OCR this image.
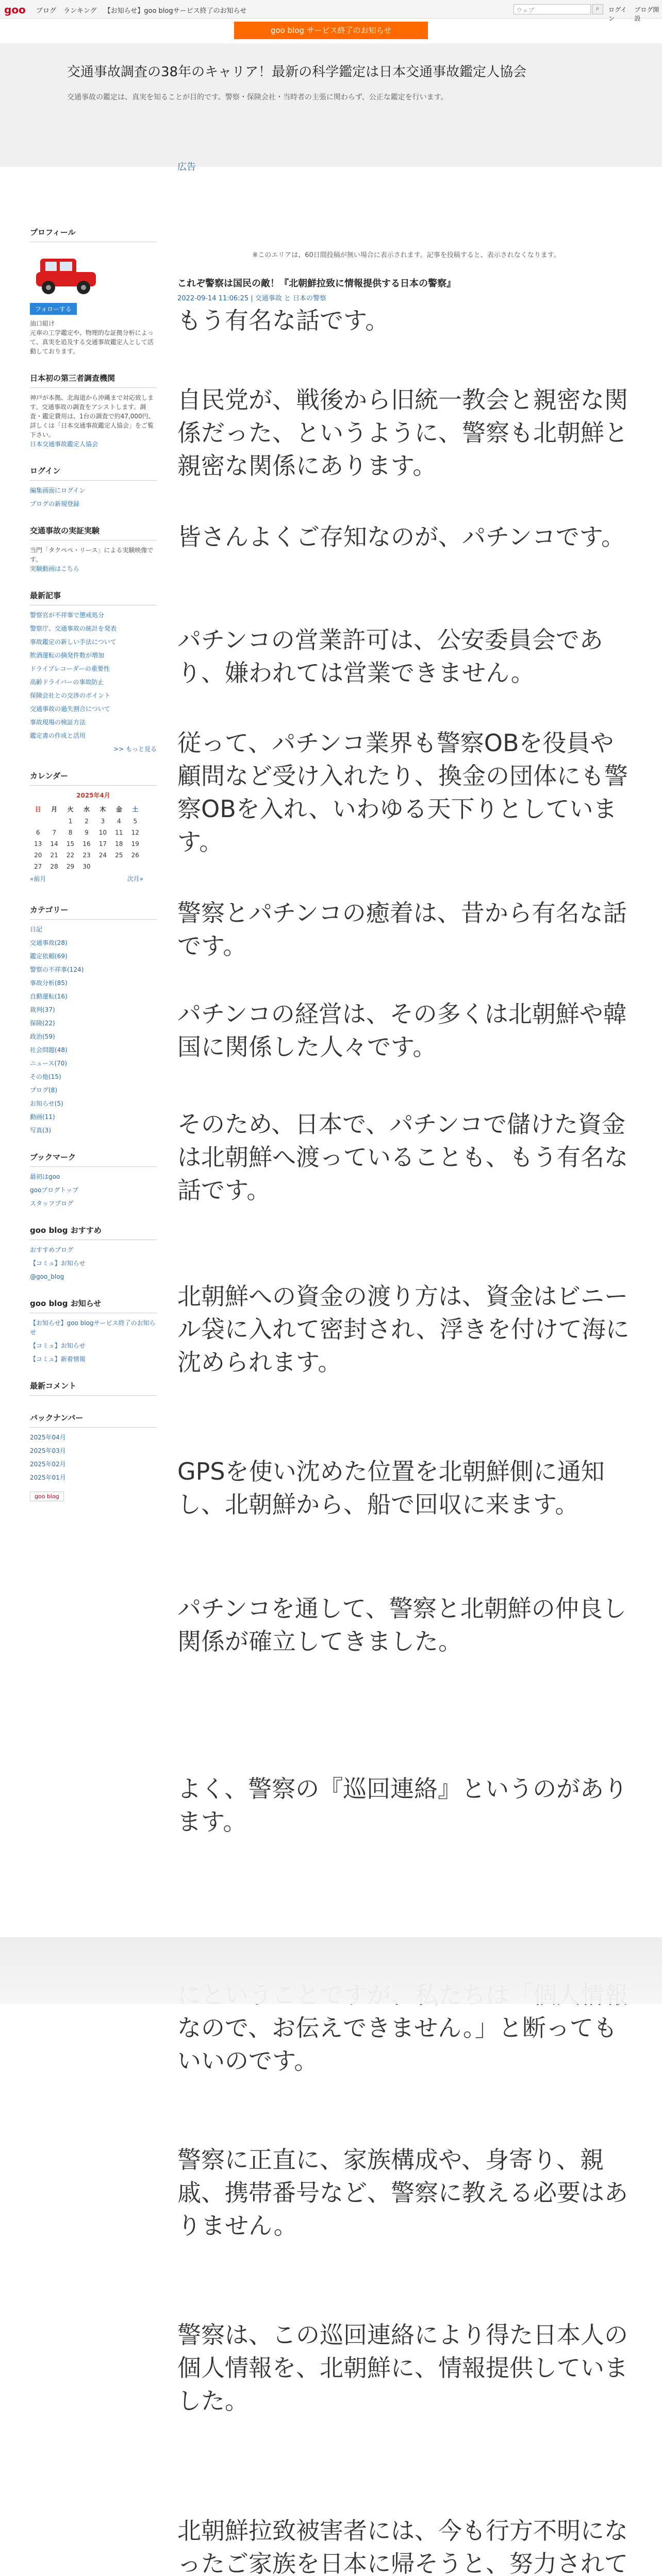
goo ブログ ランキング 【お知らせ】goo blogサービス終了のお知らせ	ウェブ	⌕	ログイン
ブログ開設
goo blog サービス終了のお知らせ
交通事故調査の38年のキャリア！最新の科学鑑定は日本交通事故鑑定人協会
交通事故の鑑定は、真実を知ることが目的です。警察・保険会社・当時者の主張に関わらず、公正な鑑定を行います。
プロフィール
フォローする
油口組け
元車の工学鑑定や、物理的な証拠分析によって、真実を追及する交通事故鑑定人として活動しております。
日本初の第三者調査機関
神戸が本拠、北海道から沖縄まで対応致します。交通事故の調査をアシストします。調査・鑑定費用は、1台の調査で約47,000円、詳しくは「日本交通事故鑑定人協会」をご覧下さい。
日本交通事故鑑定人協会
ログイン
編集画面にログイン
ブログの新規登録
交通事故の実証実験
当門「タクペペ・リース」による実験映像です。
実験動画はこちら
最新記事
警察官が不祥事で懲戒処分
警察庁、交通事故の統計を発表
事故鑑定の新しい手法について
飲酒運転の摘発件数が増加
ドライブレコーダーの重要性
高齢ドライバーの事故防止
保険会社との交渉のポイント
交通事故の過失割合について
事故現場の検証方法
鑑定書の作成と活用
>> もっと見る
カレンダー
2025年4月
日	月	火	水	木	金	土
		1	2	3	4	5
6	7	8	9	10	11	12
13	14	15	16	17	18	19
20	21	22	23	24	25	26
27	28	29	30			
«前月	次月»
カテゴリー
日記
交通事故(28)
鑑定依頼(69)
警察の不祥事(124)
事故分析(85)
自動運転(16)
裁判(37)
保険(22)
政治(59)
社会問題(48)
ニュース(70)
その他(15)
ブログ(8)
お知らせ(5)
動画(11)
写真(3)
ブックマーク
最初はgoo
gooブログトップ
スタッフブログ
goo blog おすすめ
おすすめブログ
【コミュ】お知らせ
@goo_blog
goo blog お知らせ
【お知らせ】goo blogサービス終了のお知らせ
【コミュ】お知らせ
【コミュ】新着情報
最新コメント
バックナンバー
2025年04月
2025年03月
2025年02月
2025年01月
goo blog
広告
※このエリアは、60日間投稿が無い場合に表示されます。記事を投稿すると、表示されなくなります。
これぞ警察は国民の敵！『北朝鮮拉致に情報提供する日本の警察』
2022-09-14 11:06:25 | 交通事故 と 日本の警察

もう有名な話です。

自民党が、戦後から旧統一教会と親密な関係だった、というように、警察も北朝鮮と親密な関係にあります。

皆さんよくご存知なのが、パチンコです。

パチンコの営業許可は、公安委員会であり、嫌われては営業できません。

従って、パチンコ業界も警察OBを役員や顧問など受け入れたり、換金の団体にも警察OBを入れ、いわゆる天下りとしています。

警察とパチンコの癒着は、昔から有名な話です。

パチンコの経営は、その多くは北朝鮮や韓国に関係した人々です。

そのため、日本で、パチンコで儲けた資金は北朝鮮へ渡っていることも、もう有名な話です。

北朝鮮への資金の渡り方は、資金はビニール袋に入れて密封され、浮きを付けて海に沈められます。

GPSを使い沈めた位置を北朝鮮側に通知し、北朝鮮から、船で回収に来ます。

パチンコを通して、警察と北朝鮮の仲良し関係が確立してきました。

よく、警察の『巡回連絡』というのがあります。

なので、お伝えできません。」と断ってもいいのです。

警察に正直に、家族構成や、身寄り、親戚、携帯番号など、警察に教える必要はありません。

警察は、この巡回連絡により得た日本人の個人情報を、北朝鮮に、情報提供していました。

北朝鮮拉致被害者には、今も行方不明になったご家族を日本に帰そうと、努力されて
